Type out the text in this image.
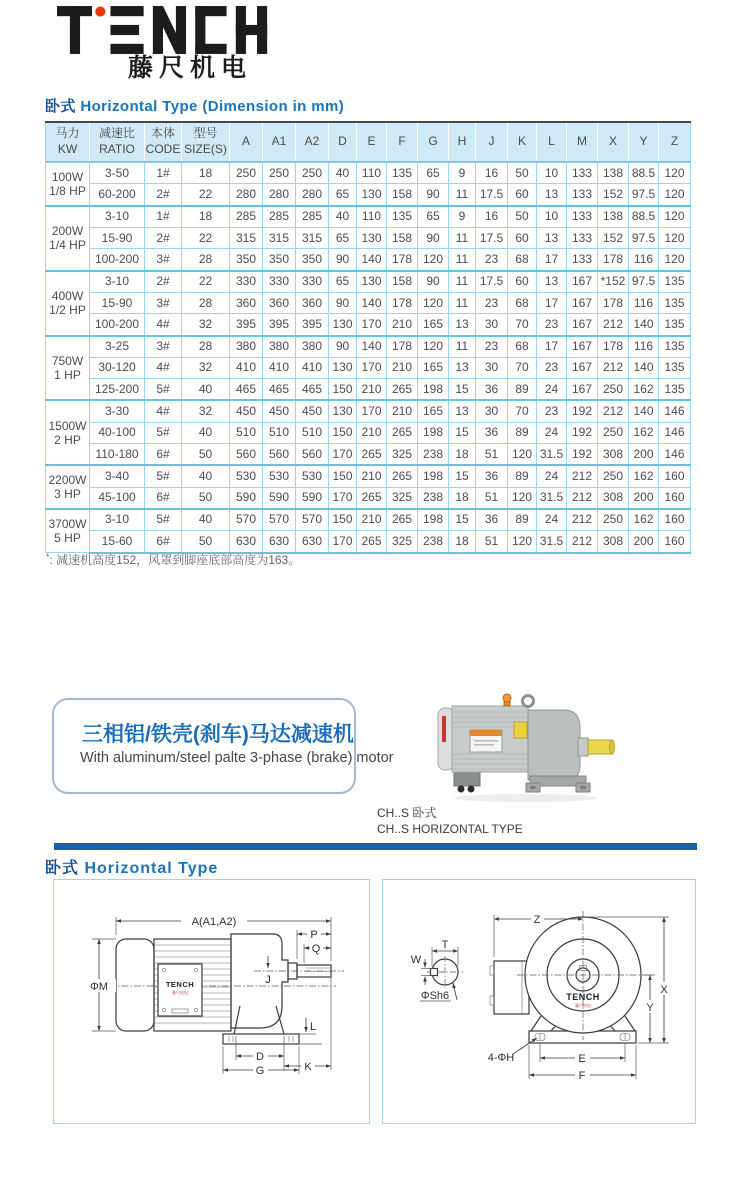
藤尺机电
卧式 Horizontal Type (Dimension in mm)
马力
KW

减速比
RATIO

本体
CODE

型号
SIZE(S)
	A	A1	A2	D	E	F	G	H	J	K	L	M	X	Y	Z

100W
1/8 HP	3-50	1#	18	250	250	250	40	110	135	65	9	16	50	10	133	138	88.5	120
	60-200	2#	22	280	280	280	65	130	158	90	11	17.5	60	13	133	152	97.5	120

200W
1/4 HP	3-10	1#	18	285	285	285	40	110	135	65	9	16	50	10	133	138	88.5	120
	15-90	2#	22	315	315	315	65	130	158	90	11	17.5	60	13	133	152	97.5	120
	100-200	3#	28	350	350	350	90	140	178	120	11	23	68	17	133	178	116	120

400W
1/2 HP	3-10	2#	22	330	330	330	65	130	158	90	11	17.5	60	13	167	*152	97.5	135
	15-90	3#	28	360	360	360	90	140	178	120	11	23	68	17	167	178	116	135
	100-200	4#	32	395	395	395	130	170	210	165	13	30	70	23	167	212	140	135

750W
1 HP	3-25	3#	28	380	380	380	90	140	178	120	11	23	68	17	167	178	116	135
	30-120	4#	32	410	410	410	130	170	210	165	13	30	70	23	167	212	140	135
	125-200	5#	40	465	465	465	150	210	265	198	15	36	89	24	167	250	162	135

1500W
2 HP	3-30	4#	32	450	450	450	130	170	210	165	13	30	70	23	192	212	140	146
	40-100	5#	40	510	510	510	150	210	265	198	15	36	89	24	192	250	162	146
	110-180	6#	50	560	560	560	170	265	325	238	18	51	120	31.5	192	308	200	146

2200W
3 HP	3-40	5#	40	530	530	530	150	210	265	198	15	36	89	24	212	250	162	160
	45-100	6#	50	590	590	590	170	265	325	238	18	51	120	31.5	212	308	200	160

3700W
5 HP	3-10	5#	40	570	570	570	150	210	265	198	15	36	89	24	212	250	162	160
	15-60	6#	50	630	630	630	170	265	325	238	18	51	120	31.5	212	308	200	160
*: 减速机高度152，风罩到脚座底部高度为163。
三相铝/铁壳(刹车)马达减速机
With aluminum/steel palte 3-phase (brake) motor
CH..S 卧式
CH..S HORIZONTAL TYPE
卧式 Horizontal Type
TENCH
藤尺机电
A(A1,A2)
P
Q
ΦM
J
D
G
L
K
TENCH
藤尺机电
Z
X
Y
E
F
4-ΦH
T
W
ΦSh6
